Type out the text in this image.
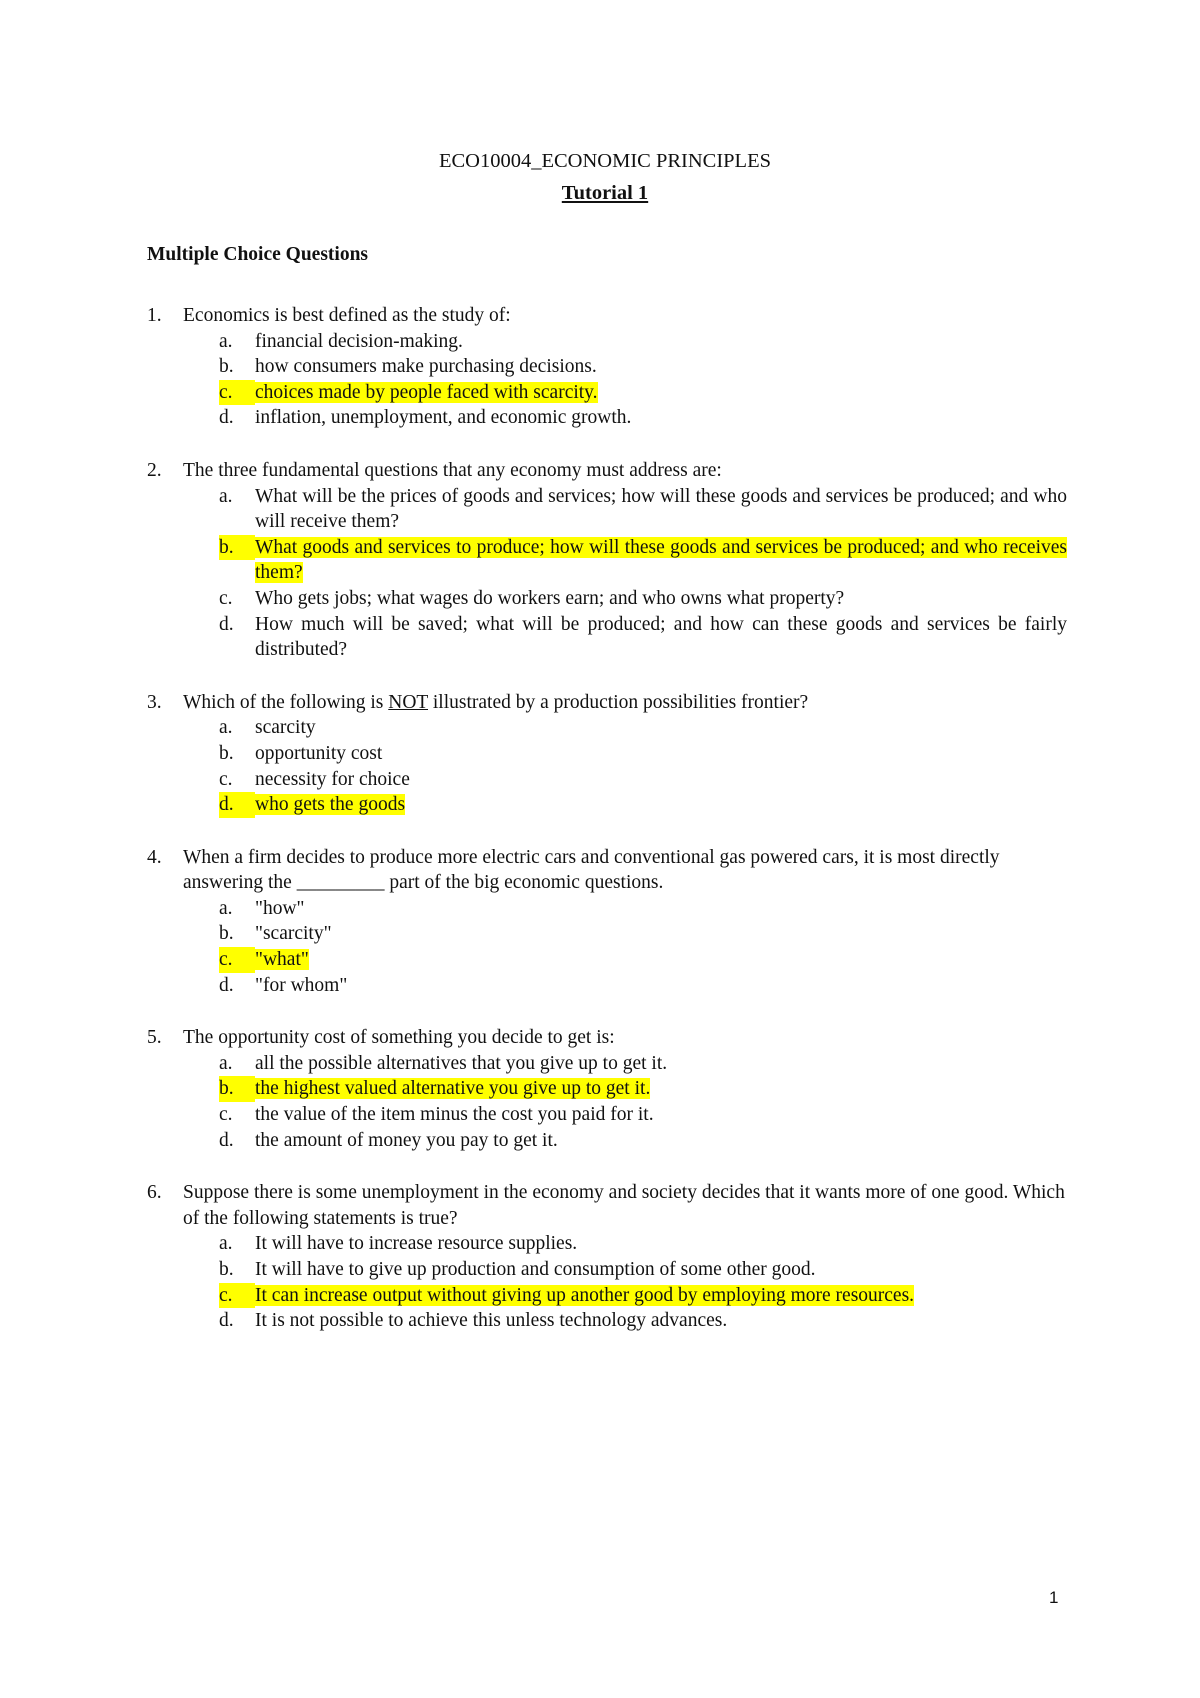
ECO10004_ECONOMIC PRINCIPLES
Tutorial 1
Multiple Choice Questions
1.	Economics is best defined as the study of:
a.	financial decision-making.
b.	how consumers make purchasing decisions.
c.	choices made by people faced with scarcity.
d.	inflation, unemployment, and economic growth.
2.	The three fundamental questions that any economy must address are:
a.	What will be the prices of goods and services; how will these goods and services be produced; and who will receive them?
b.	What goods and services to produce; how will these goods and services be produced; and who receives them?
c.	Who gets jobs; what wages do workers earn; and who owns what property?
d.	How much will be saved; what will be produced; and how can these goods and services be fairly distributed?
3.	Which of the following is NOT illustrated by a production possibilities frontier?
a.	scarcity
b.	opportunity cost
c.	necessity for choice
d.	who gets the goods
4.	When a firm decides to produce more electric cars and conventional gas powered cars, it is most directly answering the _________ part of the big economic questions.
a.	"how"
b.	"scarcity"
c.	"what"
d.	"for whom"
5.	The opportunity cost of something you decide to get is:
a.	all the possible alternatives that you give up to get it.
b.	the highest valued alternative you give up to get it.
c.	the value of the item minus the cost you paid for it.
d.	the amount of money you pay to get it.
6.	Suppose there is some unemployment in the economy and society decides that it wants more of one good. Which of the following statements is true?
a.	It will have to increase resource supplies.
b.	It will have to give up production and consumption of some other good.
c.	It can increase output without giving up another good by employing more resources.
d.	It is not possible to achieve this unless technology advances.
1
